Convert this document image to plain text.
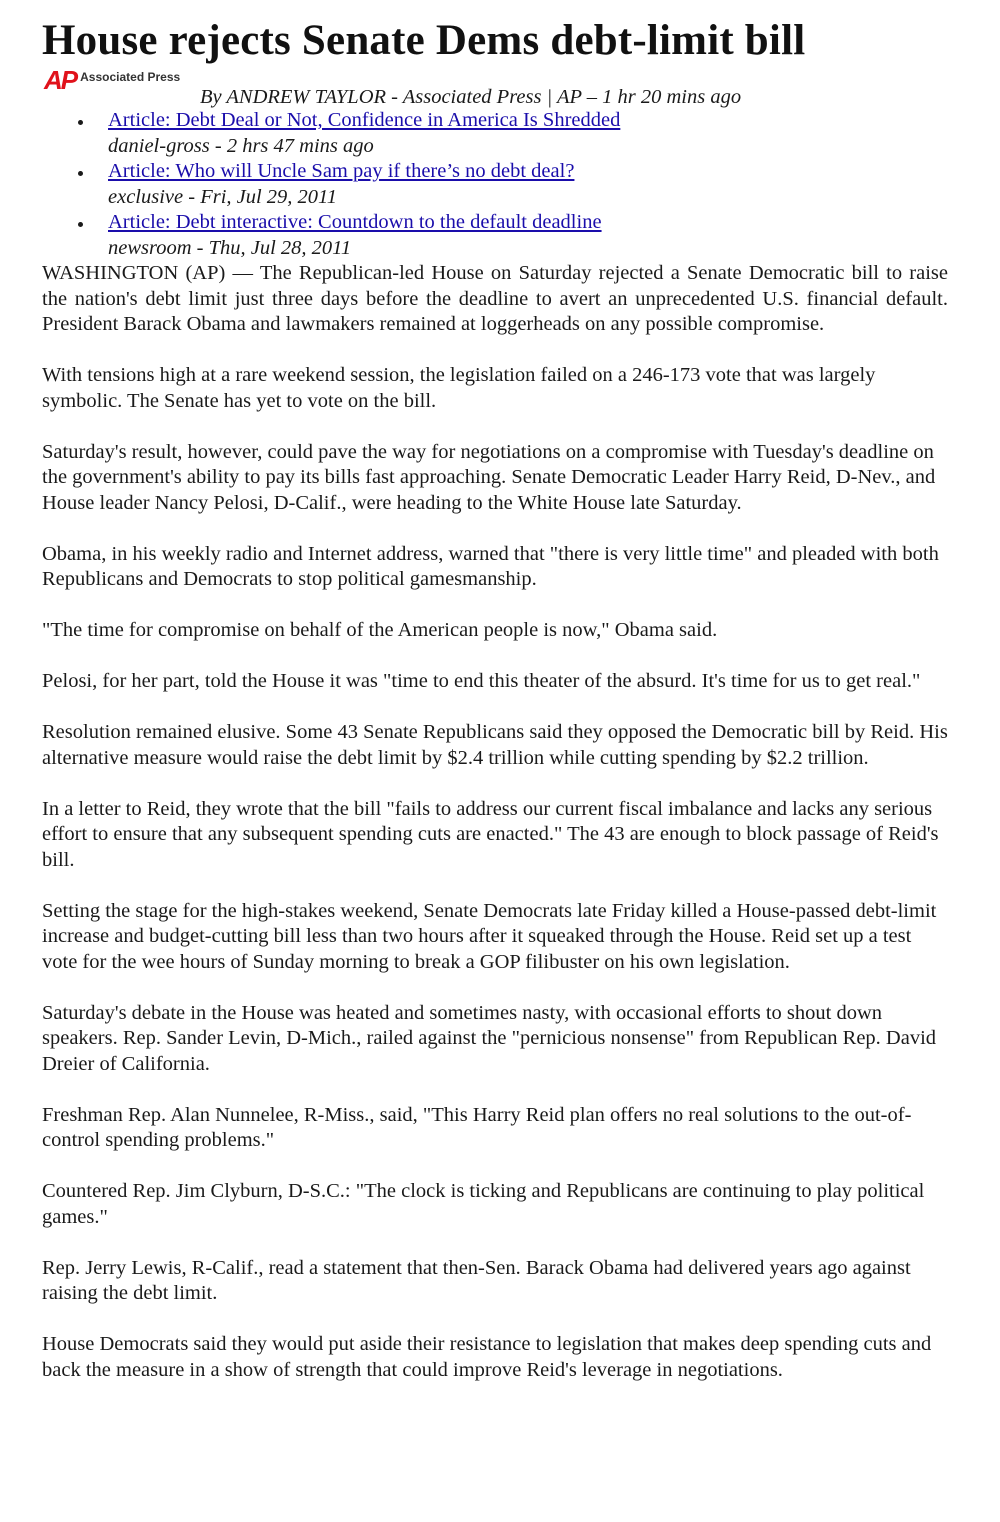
House rejects Senate Dems debt-limit bill
AP Associated Press
By ANDREW TAYLOR - Associated Press | AP – 1 hr 20 mins ago
Article: Debt Deal or Not, Confidence in America Is Shredded
daniel-gross - 2 hrs 47 mins ago
Article: Who will Uncle Sam pay if there’s no debt deal?
exclusive - Fri, Jul 29, 2011
Article: Debt interactive: Countdown to the default deadline
newsroom - Thu, Jul 28, 2011

WASHINGTON (AP) — The Republican-led House on Saturday rejected a Senate Democratic bill to raise the nation's debt limit just three days before the deadline to avert an unprecedented U.S. financial default. President Barack Obama and lawmakers remained at loggerheads on any possible compromise.

With tensions high at a rare weekend session, the legislation failed on a 246-173 vote that was largely symbolic. The Senate has yet to vote on the bill.

Saturday's result, however, could pave the way for negotiations on a compromise with Tuesday's deadline on the government's ability to pay its bills fast approaching. Senate Democratic Leader Harry Reid, D-Nev., and House leader Nancy Pelosi, D-Calif., were heading to the White House late Saturday.

Obama, in his weekly radio and Internet address, warned that "there is very little time" and pleaded with both Republicans and Democrats to stop political gamesmanship.

"The time for compromise on behalf of the American people is now," Obama said.

Pelosi, for her part, told the House it was "time to end this theater of the absurd. It's time for us to get real."

Resolution remained elusive. Some 43 Senate Republicans said they opposed the Democratic bill by Reid. His alternative measure would raise the debt limit by $2.4 trillion while cutting spending by $2.2 trillion.

In a letter to Reid, they wrote that the bill "fails to address our current fiscal imbalance and lacks any serious effort to ensure that any subsequent spending cuts are enacted." The 43 are enough to block passage of Reid's bill.

Setting the stage for the high-stakes weekend, Senate Democrats late Friday killed a House-passed debt-limit increase and budget-cutting bill less than two hours after it squeaked through the House. Reid set up a test vote for the wee hours of Sunday morning to break a GOP filibuster on his own legislation.

Saturday's debate in the House was heated and sometimes nasty, with occasional efforts to shout down speakers. Rep. Sander Levin, D-Mich., railed against the "pernicious nonsense" from Republican Rep. David Dreier of California.

Freshman Rep. Alan Nunnelee, R-Miss., said, "This Harry Reid plan offers no real solutions to the out-of-control spending problems."

Countered Rep. Jim Clyburn, D-S.C.: "The clock is ticking and Republicans are continuing to play political games."

Rep. Jerry Lewis, R-Calif., read a statement that then-Sen. Barack Obama had delivered years ago against raising the debt limit.

House Democrats said they would put aside their resistance to legislation that makes deep spending cuts and back the measure in a show of strength that could improve Reid's leverage in negotiations.
